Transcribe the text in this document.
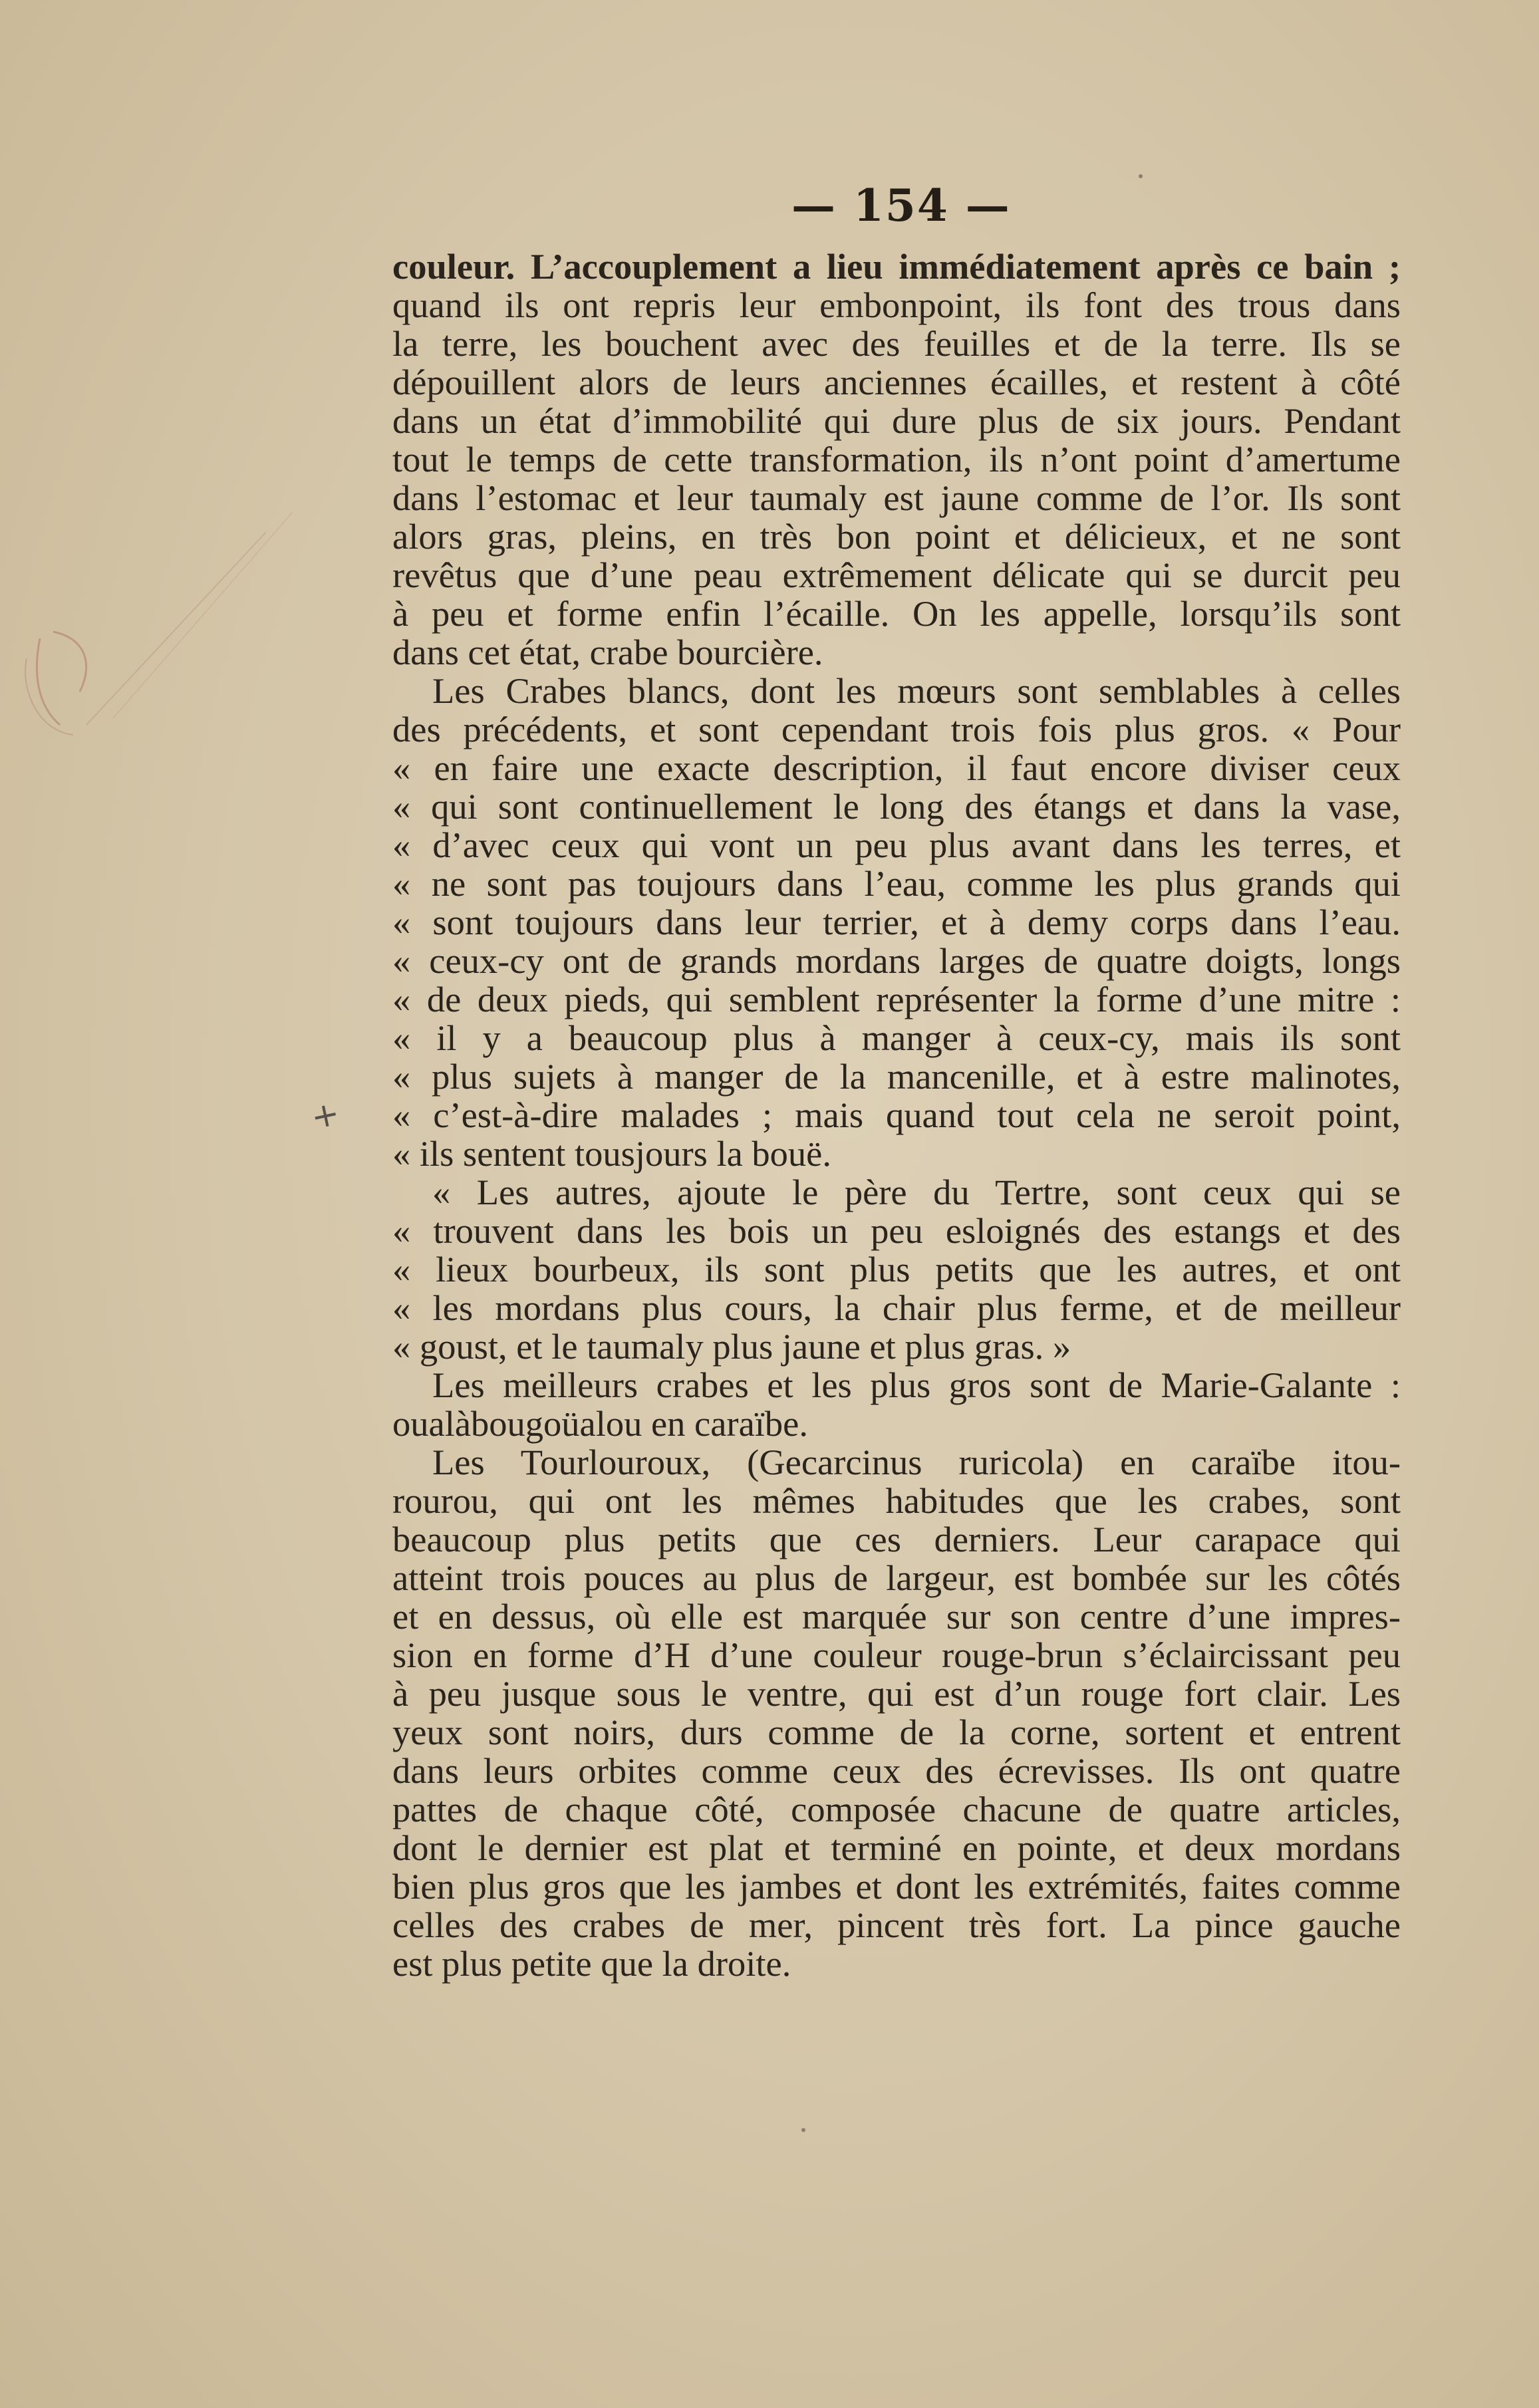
— 154 —
+
couleur. L’accouplement a lieu immédiatement après ce bain ;
quand ils ont repris leur embonpoint, ils font des trous dans
la terre, les bouchent avec des feuilles et de la terre. Ils se
dépouillent alors de leurs anciennes écailles, et restent à côté
dans un état d’immobilité qui dure plus de six jours. Pendant
tout le temps de cette transformation, ils n’ont point d’amertume
dans l’estomac et leur taumaly est jaune comme de l’or. Ils sont
alors gras, pleins, en très bon point et délicieux, et ne sont
revêtus que d’une peau extrêmement délicate qui se durcit peu
à peu et forme enfin l’écaille. On les appelle, lorsqu’ils sont
dans cet état, crabe bourcière.
Les Crabes blancs, dont les mœurs sont semblables à celles
des précédents, et sont cependant trois fois plus gros. « Pour
« en faire une exacte description, il faut encore diviser ceux
« qui sont continuellement le long des étangs et dans la vase,
« d’avec ceux qui vont un peu plus avant dans les terres, et
« ne sont pas toujours dans l’eau, comme les plus grands qui
« sont toujours dans leur terrier, et à demy corps dans l’eau.
« ceux-cy ont de grands mordans larges de quatre doigts, longs
« de deux pieds, qui semblent représenter la forme d’une mitre :
« il y a beaucoup plus à manger à ceux-cy, mais ils sont
« plus sujets à manger de la mancenille, et à estre malinotes,
« c’est-à-dire malades ; mais quand tout cela ne seroit point,
« ils sentent tousjours la bouë.
« Les autres, ajoute le père du Tertre, sont ceux qui se
« trouvent dans les bois un peu esloignés des estangs et des
« lieux bourbeux, ils sont plus petits que les autres, et ont
« les mordans plus cours, la chair plus ferme, et de meilleur
« goust, et le taumaly plus jaune et plus gras. »
Les meilleurs crabes et les plus gros sont de Marie-Galante :
oualàbougoüalou en caraïbe.
Les Tourlouroux, (Gecarcinus ruricola) en caraïbe itou-
rourou, qui ont les mêmes habitudes que les crabes, sont
beaucoup plus petits que ces derniers. Leur carapace qui
atteint trois pouces au plus de largeur, est bombée sur les côtés
et en dessus, où elle est marquée sur son centre d’une impres-
sion en forme d’H d’une couleur rouge-brun s’éclaircissant peu
à peu jusque sous le ventre, qui est d’un rouge fort clair. Les
yeux sont noirs, durs comme de la corne, sortent et entrent
dans leurs orbites comme ceux des écrevisses. Ils ont quatre
pattes de chaque côté, composée chacune de quatre articles,
dont le dernier est plat et terminé en pointe, et deux mordans
bien plus gros que les jambes et dont les extrémités, faites comme
celles des crabes de mer, pincent très fort. La pince gauche
est plus petite que la droite.
